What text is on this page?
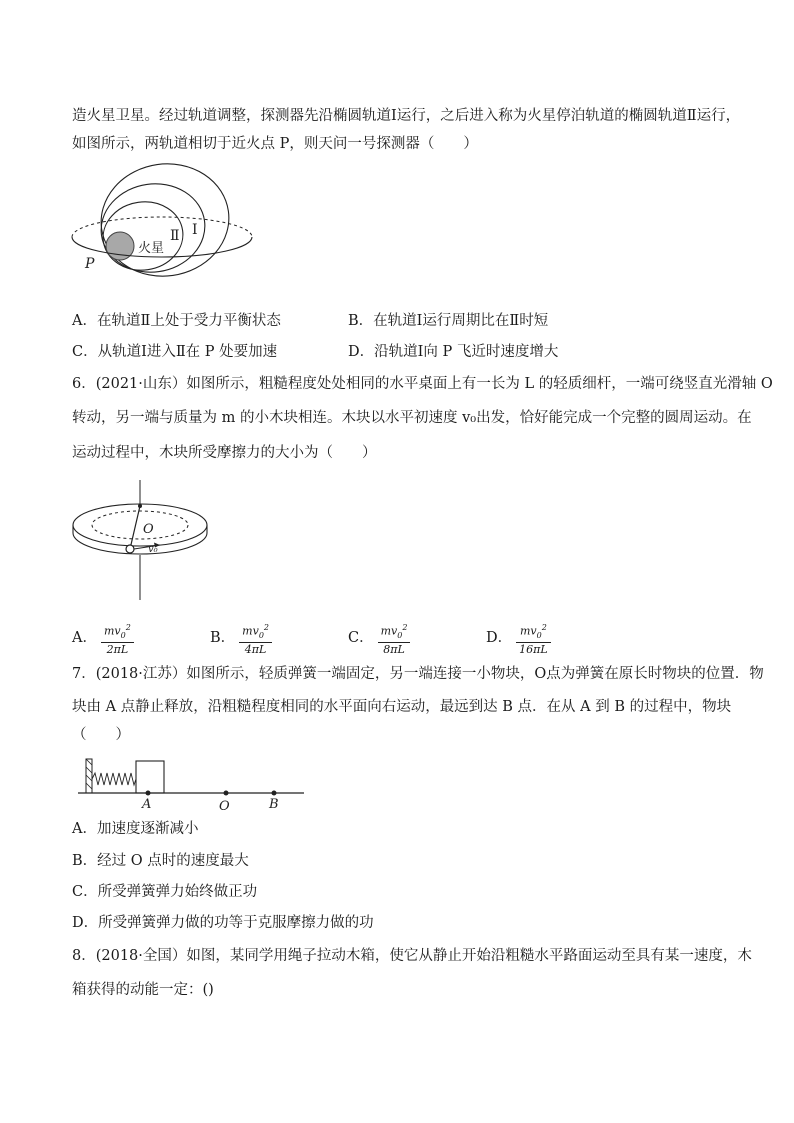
造火星卫星。经过轨道调整，探测器先沿椭圆轨道Ⅰ运行，之后进入称为火星停泊轨道的椭圆轨道Ⅱ运行，
如图所示，两轨道相切于近火点 P，则天问一号探测器（　　）
火星
Ⅱ Ⅰ
P
A．在轨道Ⅱ上处于受力平衡状态	B．在轨道Ⅰ运行周期比在Ⅱ时短
C．从轨道Ⅰ进入Ⅱ在 P 处要加速	D．沿轨道Ⅰ向 P 飞近时速度增大
6．(2021·山东）如图所示，粗糙程度处处相同的水平桌面上有一长为 L 的轻质细杆，一端可绕竖直光滑轴 O
转动，另一端与质量为 m 的小木块相连。木块以水平初速度 v₀出发，恰好能完成一个完整的圆周运动。在
运动过程中，木块所受摩擦力的大小为（　　）
O
v₀
A． $\frac{mv_0^2}{2\pi L}$	B． $\frac{mv_0^2}{4\pi L}$	C． $\frac{mv_0^2}{8\pi L}$	D． $\frac{mv_0^2}{16\pi L}$
7．(2018·江苏）如图所示，轻质弹簧一端固定，另一端连接一小物块，O点为弹簧在原长时物块的位置．物
块由 A 点静止释放，沿粗糙程度相同的水平面向右运动，最远到达 B 点．在从 A 到 B 的过程中，物块
（　　）
A	O	B
A．加速度逐渐减小
B．经过 O 点时的速度最大
C．所受弹簧弹力始终做正功
D．所受弹簧弹力做的功等于克服摩擦力做的功
8．(2018·全国）如图，某同学用绳子拉动木箱，使它从静止开始沿粗糙水平路面运动至具有某一速度，木
箱获得的动能一定：()
